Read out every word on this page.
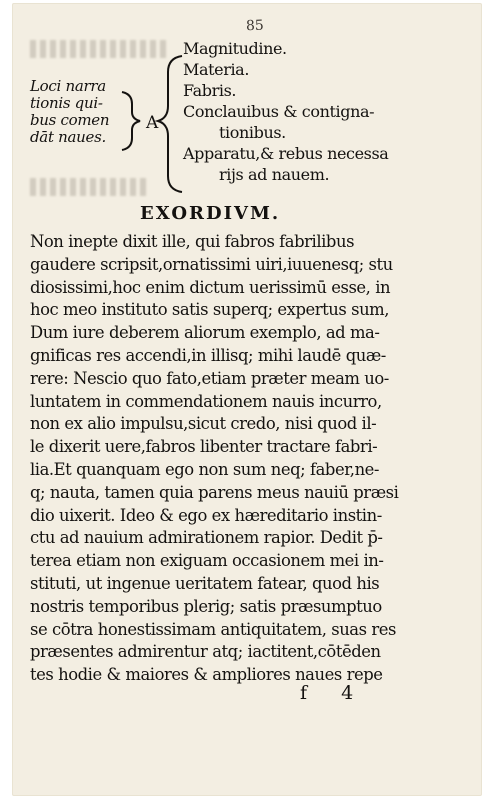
85
Loci narra
tionis qui-
bus comen
dāt naues.
A
Magnitudine.
Materia.
Fabris.
Conclauibus & contigna-
tionibus.
Apparatu,& rebus necessa
rijs ad nauem.
EXORDIVM.
Non inepte dixit ille, qui fabros fabrilibus
gaudere scripsit,ornatissimi uiri,iuuenesq; stu
diosissimi,hoc enim dictum uerissimū esse, in
hoc meo instituto satis superq; expertus sum,
Dum iure deberem aliorum exemplo, ad ma-
gnificas res accendi,in illisq; mihi laudē quæ-
rere: Nescio quo fato,etiam præter meam uo-
luntatem in commendationem nauis incurro,
non ex alio impulsu,sicut credo, nisi quod il-
le dixerit uere,fabros libenter tractare fabri-
lia.Et quanquam ego non sum neq; faber,ne-
q; nauta, tamen quia parens meus nauiū præsi
dio uixerit. Ideo & ego ex hæreditario instin-
ctu ad nauium admirationem rapior. Dedit p̄-
terea etiam non exiguam occasionem mei in-
stituti, ut ingenue ueritatem fatear, quod his
nostris temporibus plerig; satis præsumptuo
se cōtra honestissimam antiquitatem, suas res
præsentes admirentur atq; iactitent,cōtēden
tes hodie & maiores & ampliores naues repe
f 4
